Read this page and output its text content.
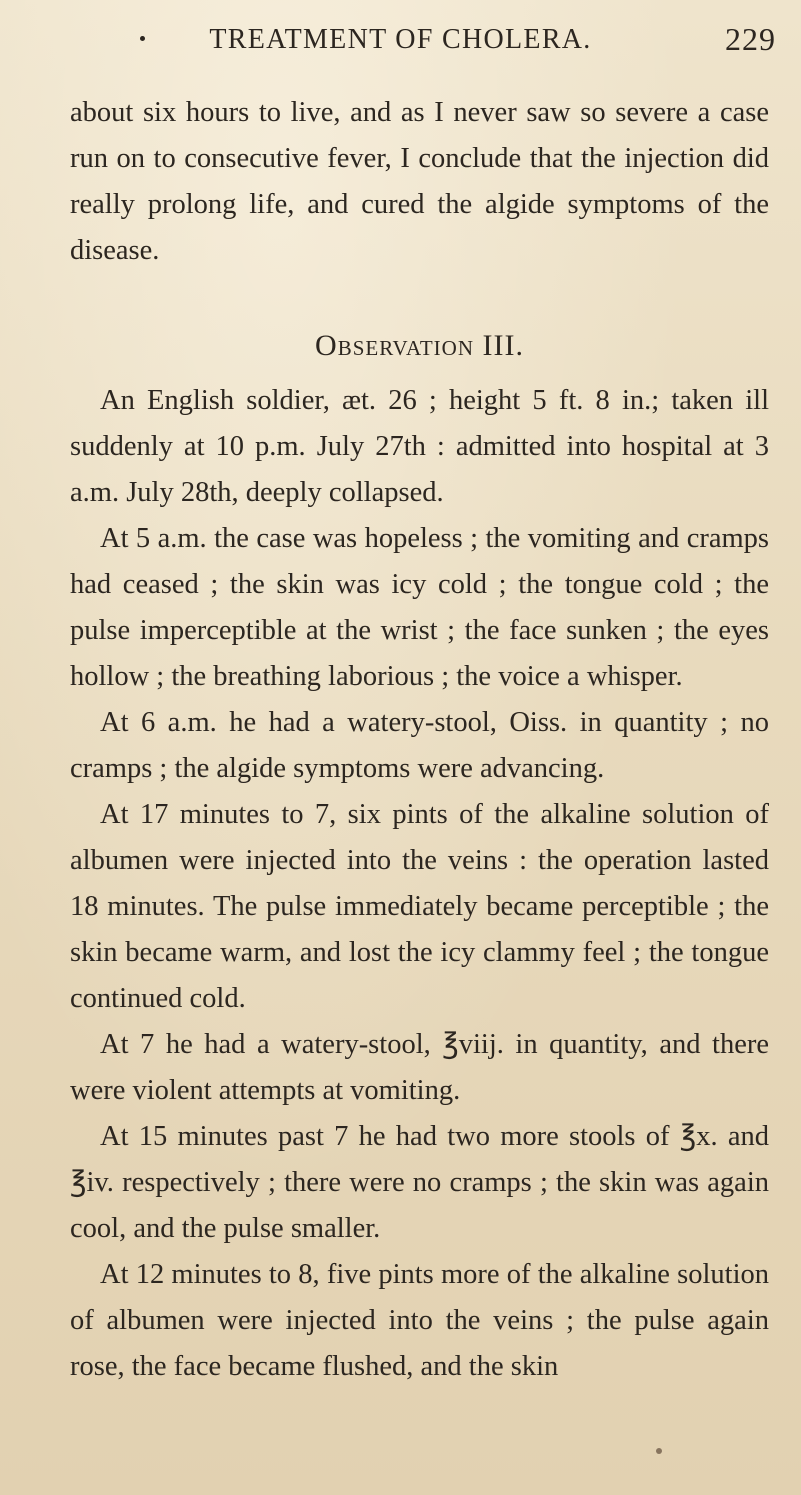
TREATMENT OF CHOLERA.	229

about six hours to live, and as I never saw so severe a case run on to consecutive fever, I conclude that the injection did really prolong life, and cured the algide symptoms of the disease.

Observation III.

An English soldier, æt. 26 ; height 5 ft. 8 in.; taken ill suddenly at 10 p.m. July 27th : admitted into hospital at 3 a.m. July 28th, deeply collapsed.

At 5 a.m. the case was hopeless ; the vomiting and cramps had ceased ; the skin was icy cold ; the tongue cold ; the pulse imperceptible at the wrist ; the face sunken ; the eyes hollow ; the breathing laborious ; the voice a whisper.

At 6 a.m. he had a watery-stool, Oiss. in quantity ; no cramps ; the algide symptoms were advancing.

At 17 minutes to 7, six pints of the alkaline solution of albumen were injected into the veins : the operation lasted 18 minutes. The pulse immediately became perceptible ; the skin became warm, and lost the icy clammy feel ; the tongue continued cold.

At 7 he had a watery-stool, ℥viij. in quantity, and there were violent attempts at vomiting.

At 15 minutes past 7 he had two more stools of ℥x. and ℥iv. respectively ; there were no cramps ; the skin was again cool, and the pulse smaller.

At 12 minutes to 8, five pints more of the alkaline solution of albumen were injected into the veins ; the pulse again rose, the face became flushed, and the skin
